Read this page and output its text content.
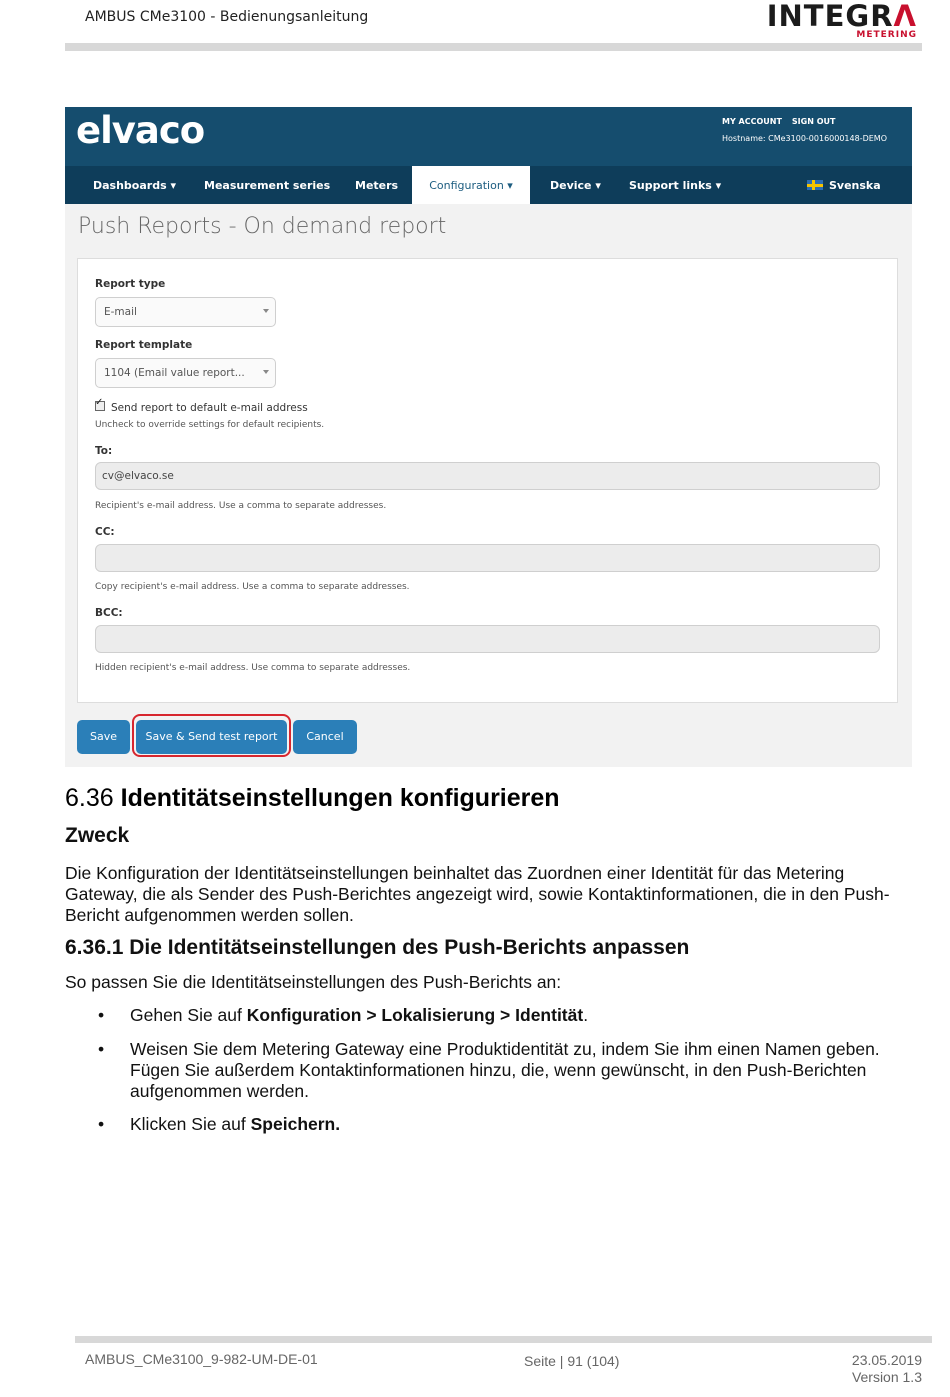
AMBUS CMe3100 - Bedienungsanleitung	INTEGRΛ
METERING
elvaco	MY ACCOUNT SIGN OUT
Hostname: CMe3100-0016000148-DEMO
Dashboards ▾	Measurement series Meters	Configuration ▾	Device ▾	Support links ▾	Svenska
Push Reports - On demand report
Report type
E-mail
Report template
1104 (Email value report...
✓Send report to default e-mail address
Uncheck to override settings for default recipients.
To:
cv@elvaco.se
Recipient's e-mail address. Use a comma to separate addresses.
CC:
Copy recipient's e-mail address. Use a comma to separate addresses.
BCC:
Hidden recipient's e-mail address. Use comma to separate addresses.
Save	Save & Send test report	Cancel
6.36 Identitätseinstellungen konfigurieren
Zweck
Die Konfiguration der Identitätseinstellungen beinhaltet das Zuordnen einer Identität für das Metering Gateway, die als Sender des Push-Berichtes angezeigt wird, sowie Kontaktinformationen, die in den Push-Bericht aufgenommen werden sollen.
6.36.1 Die Identitätseinstellungen des Push-Berichts anpassen
So passen Sie die Identitätseinstellungen des Push-Berichts an:
• Gehen Sie auf Konfiguration > Lokalisierung > Identität.
• Weisen Sie dem Metering Gateway eine Produktidentität zu, indem Sie ihm einen Namen geben. Fügen Sie außerdem Kontaktinformationen hinzu, die, wenn gewünscht, in den Push-Berichten aufgenommen werden.
• Klicken Sie auf Speichern.
AMBUS_CMe3100_9-982-UM-DE-01	Seite | 91 (104)	23.05.2019
Version 1.3
